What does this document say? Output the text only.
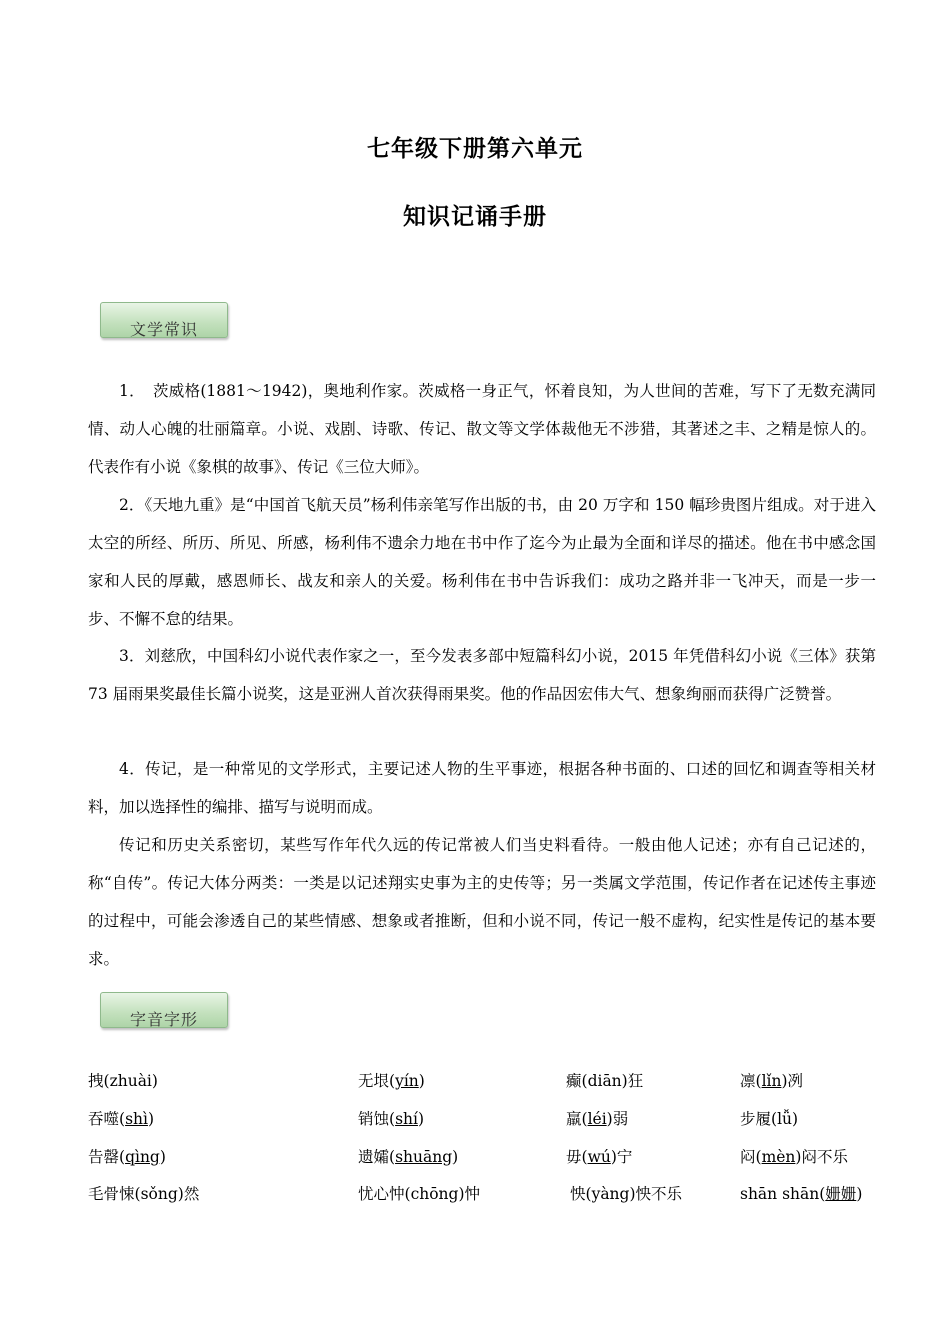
七年级下册第六单元
知识记诵手册
文学常识

1．　茨威格(1881～1942)，奥地利作家。茨威格一身正气，怀着良知，为人世间的苦难，写下了无数充满同情、动人心魄的壮丽篇章。小说、戏剧、诗歌、传记、散文等文学体裁他无不涉猎，其著述之丰、之精是惊人的。代表作有小说《象棋的故事》、传记《三位大师》。

2．《天地九重》是“中国首飞航天员”杨利伟亲笔写作出版的书，由 20 万字和 150 幅珍贵图片组成。对于进入太空的所经、所历、所见、所感，杨利伟不遗余力地在书中作了迄今为止最为全面和详尽的描述。他在书中感念国家和人民的厚戴，感恩师长、战友和亲人的关爱。杨利伟在书中告诉我们：成功之路并非一飞冲天，而是一步一步、不懈不怠的结果。

3．刘慈欣，中国科幻小说代表作家之一，至今发表多部中短篇科幻小说，2015 年凭借科幻小说《三体》获第 73 届雨果奖最佳长篇小说奖，这是亚洲人首次获得雨果奖。他的作品因宏伟大气、想象绚丽而获得广泛赞誉。

4．传记，是一种常见的文学形式，主要记述人物的生平事迹，根据各种书面的、口述的回忆和调查等相关材料，加以选择性的编排、描写与说明而成。

传记和历史关系密切，某些写作年代久远的传记常被人们当史料看待。一般由他人记述；亦有自己记述的，称“自传”。传记大体分两类：一类是以记述翔实史事为主的史传等；另一类属文学范围，传记作者在记述传主事迹的过程中，可能会渗透自己的某些情感、想象或者推断，但和小说不同，传记一般不虚构，纪实性是传记的基本要求。

字音字形
拽(zhuài)	无垠(yín)	癫(diān)狂	凛(lǐn)冽
吞噬(shì)	销蚀(shí)	羸(léi)弱	步履(lǚ)
告罄(qìng)	遗孀(shuāng)	毋(wú)宁	闷(mèn)闷不乐
毛骨悚(sǒng)然	忧心忡(chōng)忡	怏(yàng)怏不乐	shān shān(姗姗)
